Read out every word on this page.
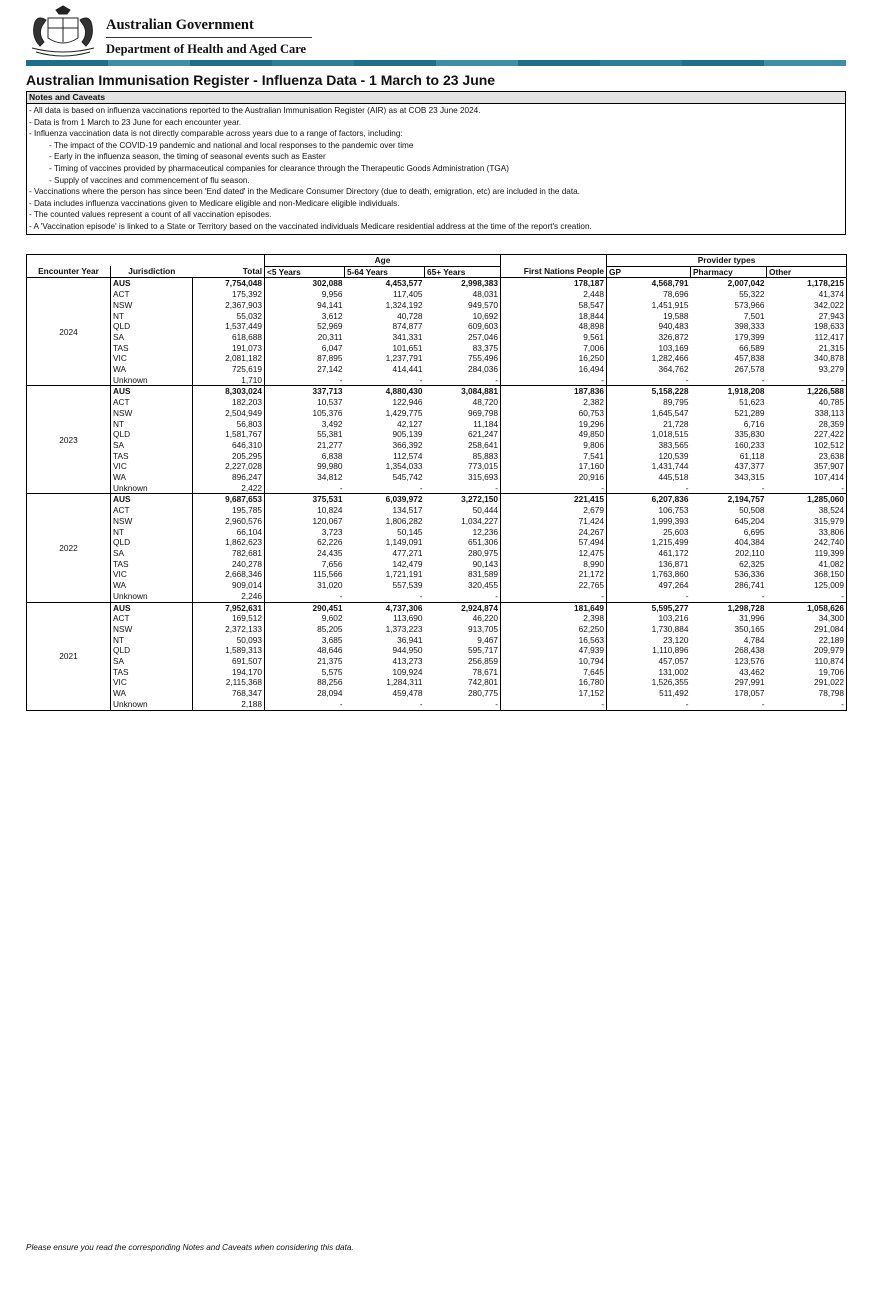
Australian Government
Department of Health and Aged Care
Australian Immunisation Register - Influenza Data - 1 March to 23 June
Notes and Caveats
- All data is based on influenza vaccinations reported to the Australian Immunisation Register (AIR) as at COB 23 June 2024.
- Data is from 1 March to 23 June for each encounter year.
- Influenza vaccination data is not directly comparable across years due to a range of factors, including:
- The impact of the COVID-19 pandemic and national and local responses to the pandemic over time
- Early in the influenza season, the timing of seasonal events such as Easter
- Timing of vaccines provided by pharmaceutical companies for clearance through the Therapeutic Goods Administration (TGA)
- Supply of vaccines and commencement of flu season.
- Vaccinations where the person has since been 'End dated' in the Medicare Consumer Directory (due to death, emigration, etc) are included in the data.
- Data includes influenza vaccinations given to Medicare eligible and non-Medicare eligible individuals.
- The counted values represent a count of all vaccination episodes.
- A 'Vaccination episode' is linked to a State or Territory based on the vaccinated individuals Medicare residential address at the time of the report's creation.
			Age				Provider types		
Encounter Year	Jurisdiction	Total	<5 Years	5-64 Years	65+ Years	First Nations People	GP	Pharmacy	Other
2024	AUS	7,754,048	302,088	4,453,577	2,998,383	178,187	4,568,791	2,007,042	1,178,215
	ACT	175,392	9,956	117,405	48,031	2,448	78,696	55,322	41,374
	NSW	2,367,903	94,141	1,324,192	949,570	58,547	1,451,915	573,966	342,022
	NT	55,032	3,612	40,728	10,692	18,844	19,588	7,501	27,943
	QLD	1,537,449	52,969	874,877	609,603	48,898	940,483	398,333	198,633
	SA	618,688	20,311	341,331	257,046	9,561	326,872	179,399	112,417
	TAS	191,073	6,047	101,651	83,375	7,006	103,169	66,589	21,315
	VIC	2,081,182	87,895	1,237,791	755,496	16,250	1,282,466	457,838	340,878
	WA	725,619	27,142	414,441	284,036	16,494	364,762	267,578	93,279
	Unknown	1,710	-	-	-	-	-	-	-
2023	AUS	8,303,024	337,713	4,880,430	3,084,881	187,836	5,158,228	1,918,208	1,226,588
	ACT	182,203	10,537	122,946	48,720	2,382	89,795	51,623	40,785
	NSW	2,504,949	105,376	1,429,775	969,798	60,753	1,645,547	521,289	338,113
	NT	56,803	3,492	42,127	11,184	19,296	21,728	6,716	28,359
	QLD	1,581,767	55,381	905,139	621,247	49,850	1,018,515	335,830	227,422
	SA	646,310	21,277	366,392	258,641	9,806	383,565	160,233	102,512
	TAS	205,295	6,838	112,574	85,883	7,541	120,539	61,118	23,638
	VIC	2,227,028	99,980	1,354,033	773,015	17,160	1,431,744	437,377	357,907
	WA	896,247	34,812	545,742	315,693	20,916	445,518	343,315	107,414
	Unknown	2,422	-	-	-	-	-	-	-
2022	AUS	9,687,653	375,531	6,039,972	3,272,150	221,415	6,207,836	2,194,757	1,285,060
	ACT	195,785	10,824	134,517	50,444	2,679	106,753	50,508	38,524
	NSW	2,960,576	120,067	1,806,282	1,034,227	71,424	1,999,393	645,204	315,979
	NT	66,104	3,723	50,145	12,236	24,267	25,603	6,695	33,806
	QLD	1,862,623	62,226	1,149,091	651,306	57,494	1,215,499	404,384	242,740
	SA	782,681	24,435	477,271	280,975	12,475	461,172	202,110	119,399
	TAS	240,278	7,656	142,479	90,143	8,990	136,871	62,325	41,082
	VIC	2,668,346	115,566	1,721,191	831,589	21,172	1,763,860	536,336	368,150
	WA	909,014	31,020	557,539	320,455	22,765	497,264	286,741	125,009
	Unknown	2,246	-	-	-	-	-	-	-
2021	AUS	7,952,631	290,451	4,737,306	2,924,874	181,649	5,595,277	1,298,728	1,058,626
	ACT	169,512	9,602	113,690	46,220	2,398	103,216	31,996	34,300
	NSW	2,372,133	85,205	1,373,223	913,705	62,250	1,730,884	350,165	291,084
	NT	50,093	3,685	36,941	9,467	16,563	23,120	4,784	22,189
	QLD	1,589,313	48,646	944,950	595,717	47,939	1,110,896	268,438	209,979
	SA	691,507	21,375	413,273	256,859	10,794	457,057	123,576	110,874
	TAS	194,170	5,575	109,924	78,671	7,645	131,002	43,462	19,706
	VIC	2,115,368	88,256	1,284,311	742,801	16,780	1,526,355	297,991	291,022
	WA	768,347	28,094	459,478	280,775	17,152	511,492	178,057	78,798
	Unknown	2,188	-	-	-	-	-	-	-
Please ensure you read the corresponding Notes and Caveats when considering this data.
